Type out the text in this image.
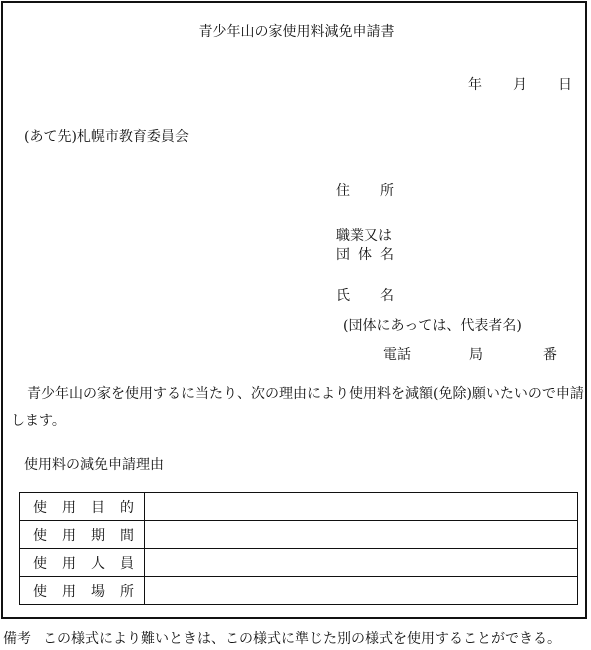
青少年山の家使用料減免申請書
年 月 日
(あて先)札幌市教育委員会
住 所
職業又は
団 体 名
氏 名
(団体にあっては、代表者名)
電話	局	番
青少年山の家を使用するに当たり、次の理由により使用料を減額(免除)願いたいので申請します。
使用料の減免申請理由
使 用 目 的	

使 用 期 間	

使 用 人 員	

使 用 場 所	

備考 この様式により難いときは、この様式に準じた別の様式を使用することができる。
